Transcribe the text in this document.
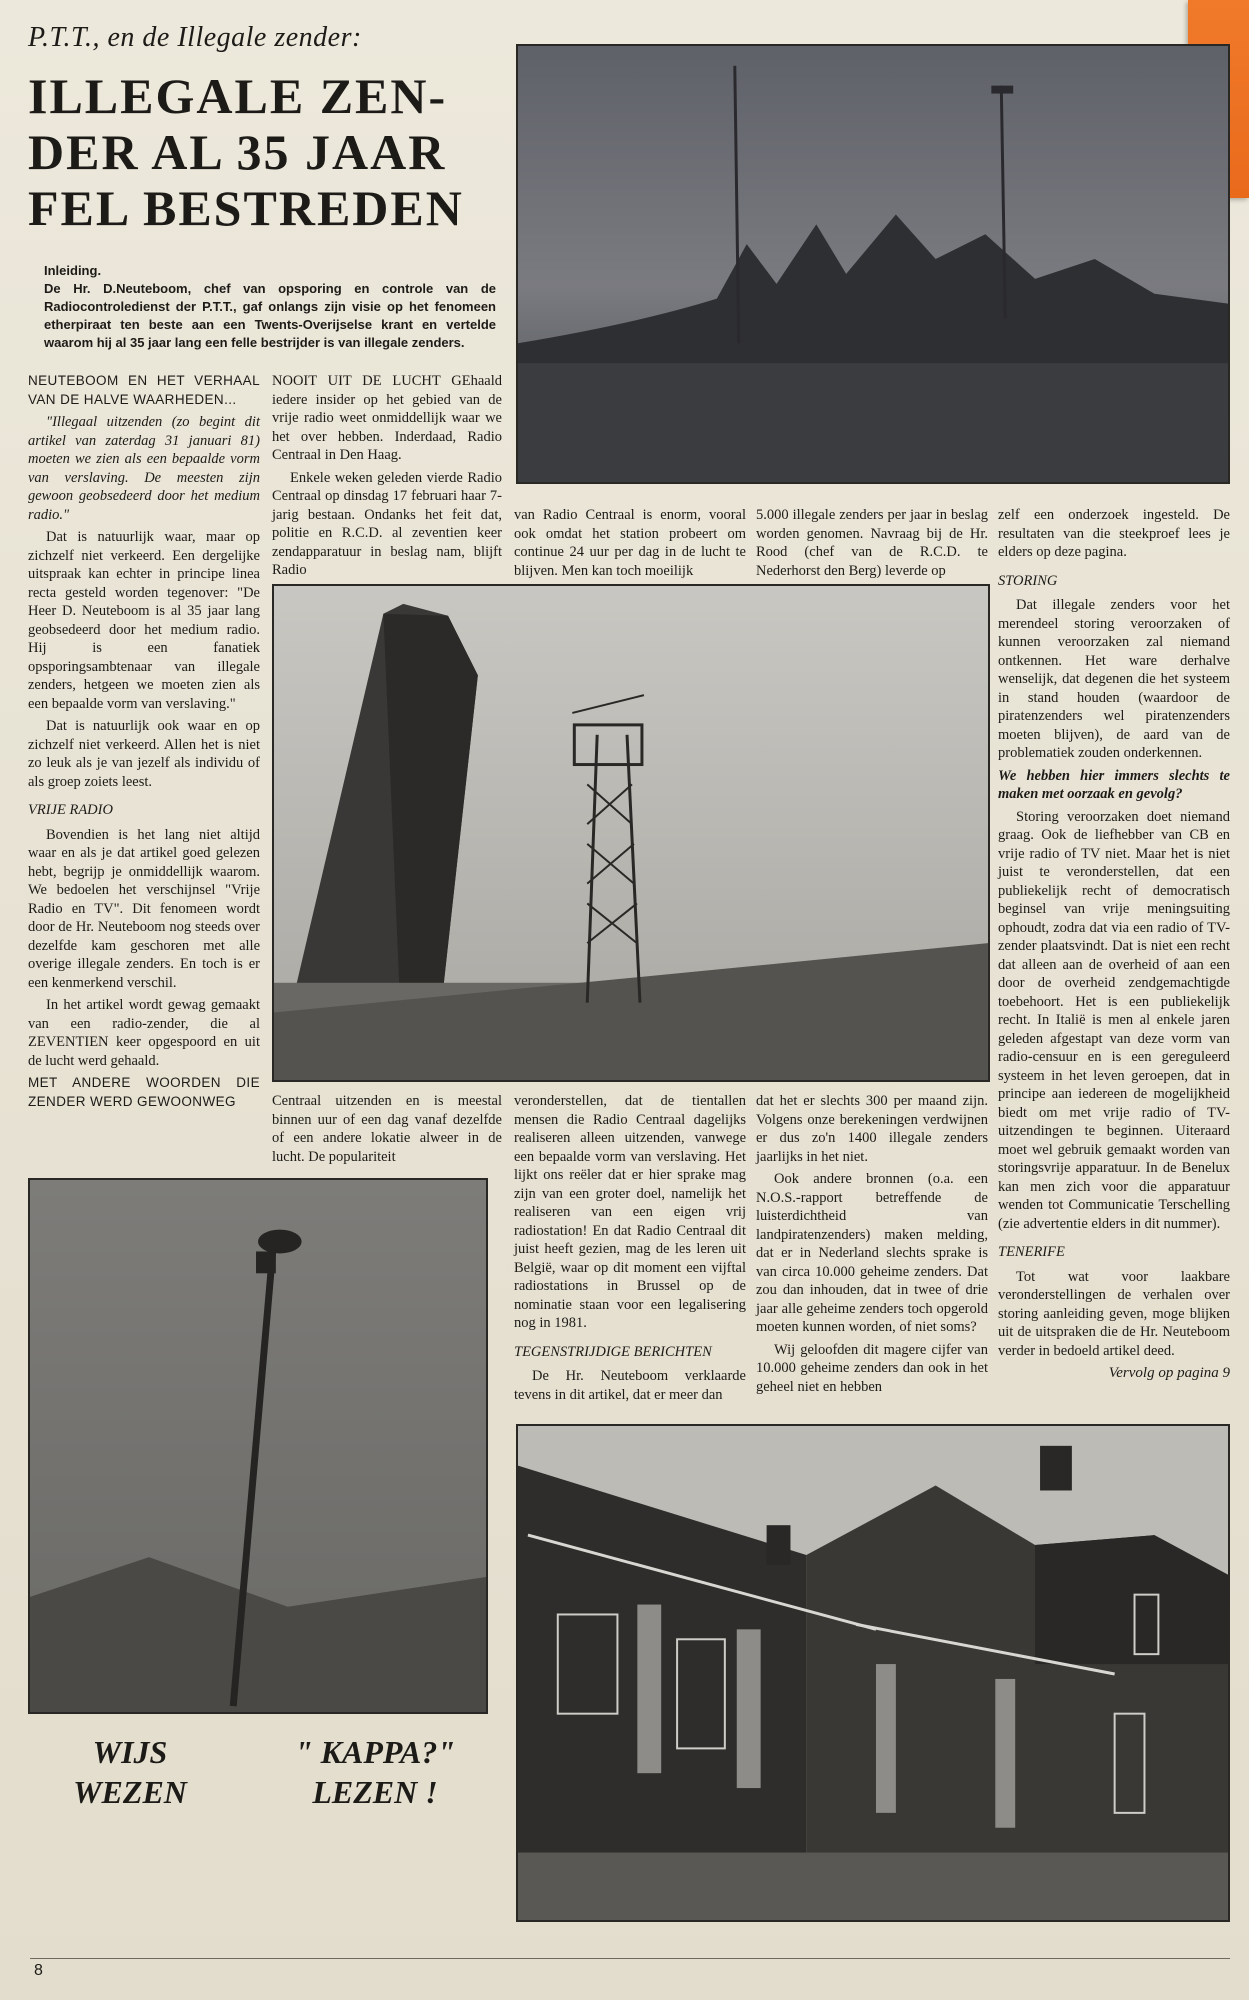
P.T.T., en de Illegale zender:
ILLEGALE ZEN-
DER AL 35 JAAR
FEL BESTREDEN
Inleiding.
De Hr. D.Neuteboom, chef van opsporing en controle van de Radiocontroledienst der P.T.T., gaf onlangs zijn visie op het fenomeen etherpiraat ten beste aan een Twents-Overijselse krant en vertelde waarom hij al 35 jaar lang een felle bestrijder is van illegale zenders.

NEUTEBOOM EN HET VERHAAL VAN DE HALVE WAARHEDEN...

"Illegaal uitzenden (zo begint dit artikel van zaterdag 31 januari 81) moeten we zien als een bepaalde vorm van verslaving. De meesten zijn gewoon geobsedeerd door het medium radio."

Dat is natuurlijk waar, maar op zichzelf niet verkeerd. Een dergelijke uitspraak kan echter in principe linea recta gesteld worden tegenover: "De Heer D. Neuteboom is al 35 jaar lang geobsedeerd door het medium radio. Hij is een fanatiek opsporingsambtenaar van illegale zenders, hetgeen we moeten zien als een bepaalde vorm van verslaving."

Dat is natuurlijk ook waar en op zichzelf niet verkeerd. Allen het is niet zo leuk als je van jezelf als individu of als groep zoiets leest.

VRIJE RADIO

Bovendien is het lang niet altijd waar en als je dat artikel goed gelezen hebt, begrijp je onmiddellijk waarom. We bedoelen het verschijnsel "Vrije Radio en TV". Dit fenomeen wordt door de Hr. Neuteboom nog steeds over dezelfde kam geschoren met alle overige illegale zenders. En toch is er een kenmerkend verschil.

In het artikel wordt gewag gemaakt van een radio-zender, die al ZEVENTIEN keer opgespoord en uit de lucht werd gehaald.

MET ANDERE WOORDEN DIE ZENDER WERD GEWOONWEG

NOOIT UIT DE LUCHT GEhaald iedere insider op het gebied van de vrije radio weet onmiddellijk waar we het over hebben. Inderdaad, Radio Centraal in Den Haag.

Enkele weken geleden vierde Radio Centraal op dinsdag 17 februari haar 7-jarig bestaan. Ondanks het feit dat, politie en R.C.D. al zeventien keer zendapparatuur in beslag nam, blijft Radio

van Radio Centraal is enorm, vooral ook omdat het station probeert om continue 24 uur per dag in de lucht te blijven. Men kan toch moeilijk

5.000 illegale zenders per jaar in beslag worden genomen. Navraag bij de Hr. Rood (chef van de R.C.D. te Nederhorst den Berg) leverde op

zelf een onderzoek ingesteld. De resultaten van die steekproef lees je elders op deze pagina.

STORING

Dat illegale zenders voor het merendeel storing veroorzaken of kunnen veroorzaken zal niemand ontkennen. Het ware derhalve wenselijk, dat degenen die het systeem in stand houden (waardoor de piratenzenders wel piratenzenders moeten blijven), de aard van de problematiek zouden onderkennen.

We hebben hier immers slechts te maken met oorzaak en gevolg?

Storing veroorzaken doet niemand graag. Ook de liefhebber van CB en vrije radio of TV niet. Maar het is niet juist te veronderstellen, dat een publiekelijk recht of democratisch beginsel van vrije meningsuiting ophoudt, zodra dat via een radio of TV-zender plaatsvindt. Dat is niet een recht dat alleen aan de overheid of aan een door de overheid zendgemachtigde toebehoort. Het is een publiekelijk recht. In Italië is men al enkele jaren geleden afgestapt van deze vorm van radio-censuur en is een gereguleerd systeem in het leven geroepen, dat in principe aan iedereen de mogelijkheid biedt om met vrije radio of TV-uitzendingen te beginnen. Uiteraard moet wel gebruik gemaakt worden van storingsvrije apparatuur. In de Benelux kan men zich voor die apparatuur wenden tot Communicatie Terschelling (zie advertentie elders in dit nummer).

TENERIFE

Tot wat voor laakbare veronderstellingen de verhalen over storing aanleiding geven, moge blijken uit de uitspraken die de Hr. Neuteboom verder in bedoeld artikel deed.

Vervolg op pagina 9

Centraal uitzenden en is meestal binnen uur of een dag vanaf dezelfde of een andere lokatie alweer in de lucht. De populariteit

veronderstellen, dat de tientallen mensen die Radio Centraal dagelijks realiseren alleen uitzenden, vanwege een bepaalde vorm van verslaving. Het lijkt ons reëler dat er hier sprake mag zijn van een groter doel, namelijk het realiseren van een eigen vrij radiostation! En dat Radio Centraal dit juist heeft gezien, mag de les leren uit België, waar op dit moment een vijftal radiostations in Brussel op de nominatie staan voor een legalisering nog in 1981.

TEGENSTRIJDIGE BERICHTEN

De Hr. Neuteboom verklaarde tevens in dit artikel, dat er meer dan

dat het er slechts 300 per maand zijn. Volgens onze berekeningen verdwijnen er dus zo'n 1400 illegale zenders jaarlijks in het niet.

Ook andere bronnen (o.a. een N.O.S.-rapport betreffende de luisterdichtheid van landpiratenzenders) maken melding, dat er in Nederland slechts sprake is van circa 10.000 geheime zenders. Dat zou dan inhouden, dat in twee of drie jaar alle geheime zenders toch opgerold moeten kunnen worden, of niet soms?

Wij geloofden dit magere cijfer van 10.000 geheime zenders dan ook in het geheel niet en hebben

WIJS
WEZEN
" KAPPA?"
LEZEN !
8
